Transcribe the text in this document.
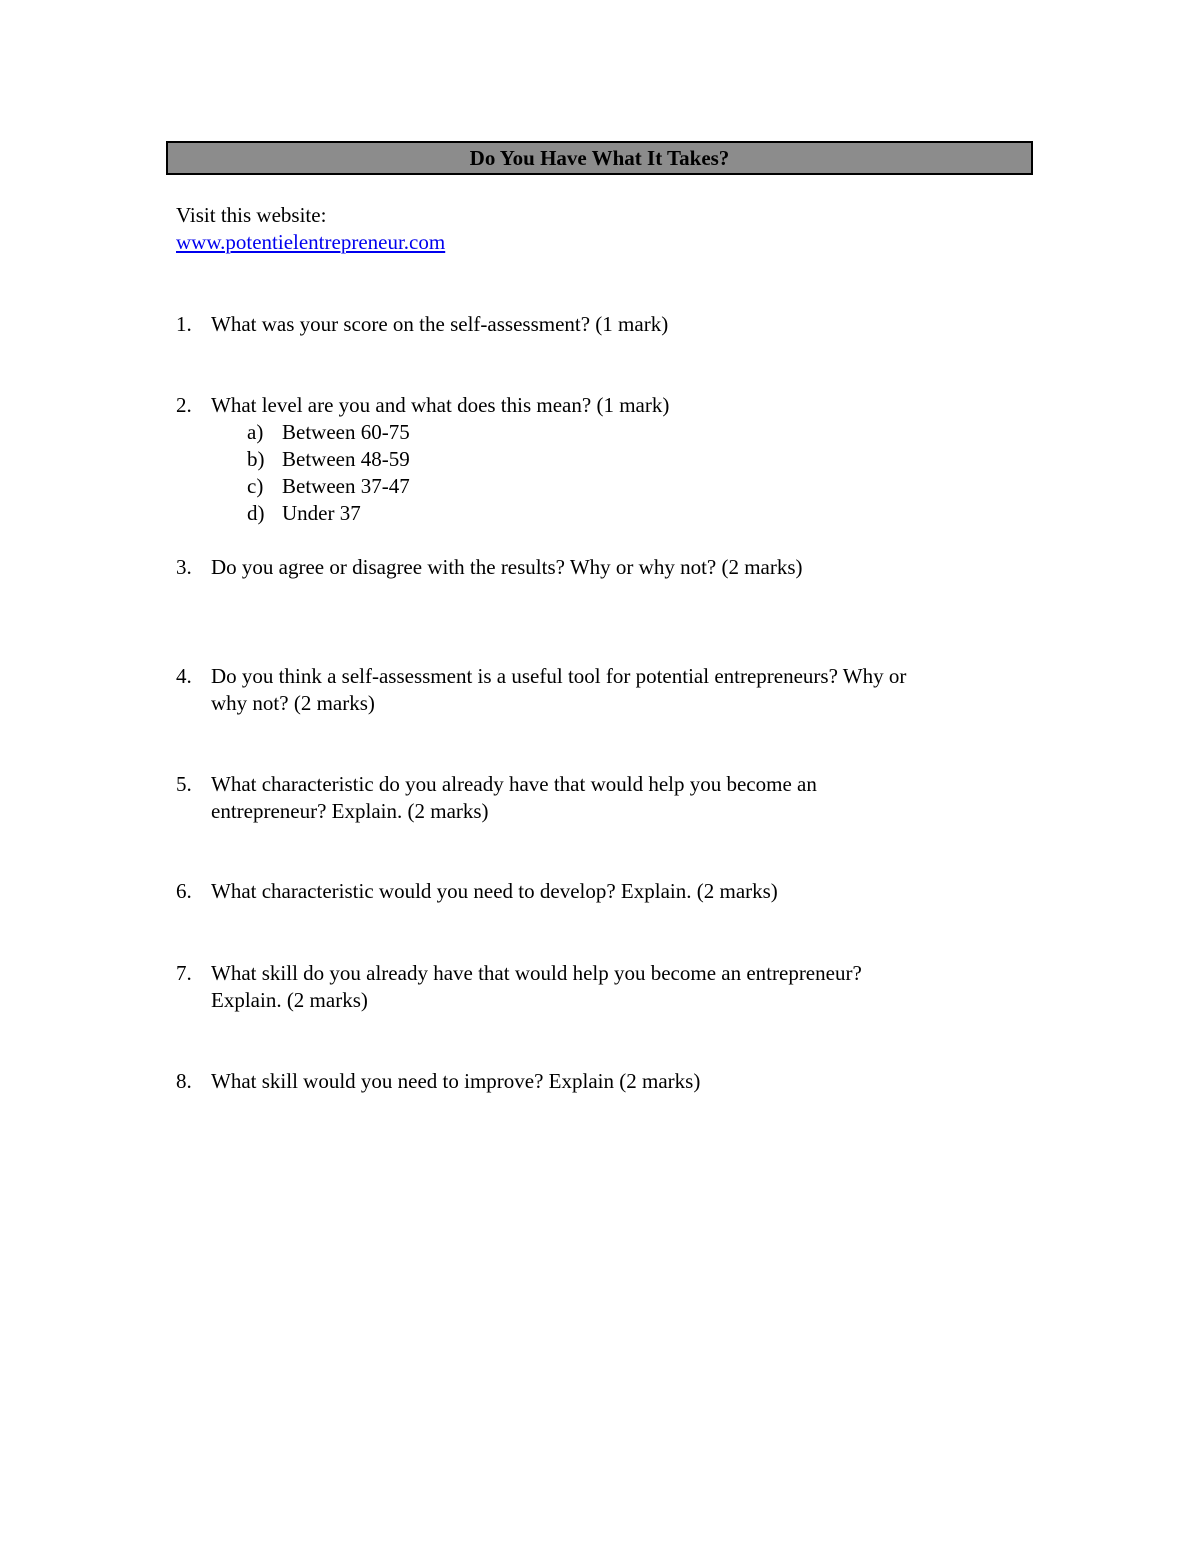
Do You Have What It Takes?
Visit this website:
www.potentielentrepreneur.com
1. What was your score on the self-assessment? (1 mark)
2. What level are you and what does this mean? (1 mark)
a) Between 60-75
b) Between 48-59
c) Between 37-47
d) Under 37
3. Do you agree or disagree with the results? Why or why not? (2 marks)
4. Do you think a self-assessment is a useful tool for potential entrepreneurs? Why or
why not? (2 marks)
5. What characteristic do you already have that would help you become an
entrepreneur? Explain. (2 marks)
6. What characteristic would you need to develop? Explain. (2 marks)
7. What skill do you already have that would help you become an entrepreneur?
Explain. (2 marks)
8. What skill would you need to improve? Explain (2 marks)
